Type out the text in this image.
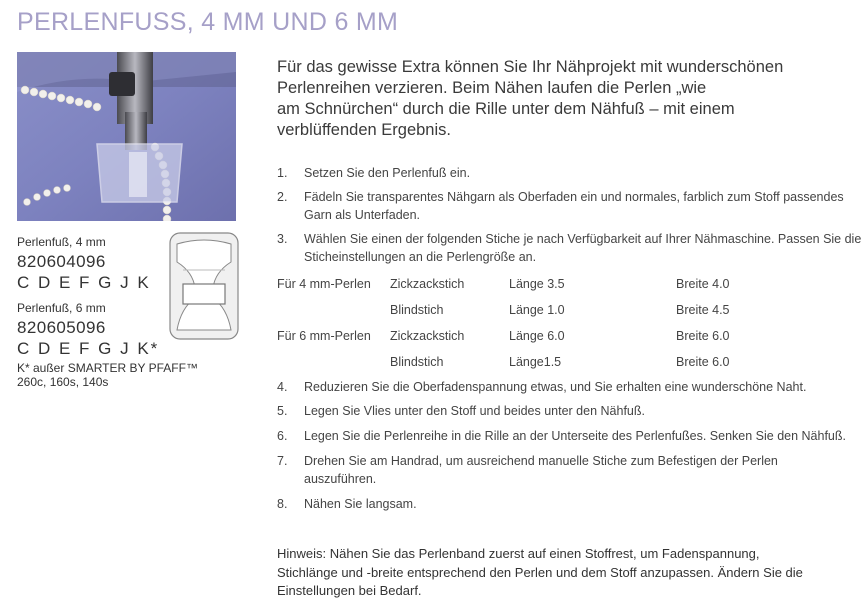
PERLENFUSS, 4 MM UND 6 MM
Perlenfuß, 4 mm
820604096
C D E F G J K
Perlenfuß, 6 mm
820605096
C D E F G J K*
K* außer SMARTER BY PFAFF™
260c, 160s, 140s
Für das gewisse Extra können Sie Ihr Nähprojekt mit wunderschönen
Perlenreihen verzieren. Beim Nähen laufen die Perlen „wie
am Schnürchen“ durch die Rille unter dem Nähfuß – mit einem
verblüffenden Ergebnis.
1.	Setzen Sie den Perlenfuß ein.
2.	Fädeln Sie transparentes Nähgarn als Oberfaden ein und normales, farblich zum Stoff passendes Garn als Unterfaden.
3.	Wählen Sie einen der folgenden Stiche je nach Verfügbarkeit auf Ihrer Nähmaschine. Passen Sie die Sticheinstellungen an die Perlengröße an.
Für 4 mm-Perlen Zickzackstich	Länge 3.5	Breite 4.0
Blindstich	Länge 1.0	Breite 4.5
Für 6 mm-Perlen Zickzackstich	Länge 6.0	Breite 6.0
Blindstich	Länge1.5	Breite 6.0
4.	Reduzieren Sie die Oberfadenspannung etwas, und Sie erhalten eine wunderschöne Naht.
5.	Legen Sie Vlies unter den Stoff und beides unter den Nähfuß.
6.	Legen Sie die Perlenreihe in die Rille an der Unterseite des Perlenfußes. Senken Sie den Nähfuß.
7.	Drehen Sie am Handrad, um ausreichend manuelle Stiche zum Befestigen der Perlen auszuführen.
8.	Nähen Sie langsam.
Hinweis: Nähen Sie das Perlenband zuerst auf einen Stoffrest, um Fadenspannung,
Stichlänge und -breite entsprechend den Perlen und dem Stoff anzupassen. Ändern Sie die
Einstellungen bei Bedarf.
